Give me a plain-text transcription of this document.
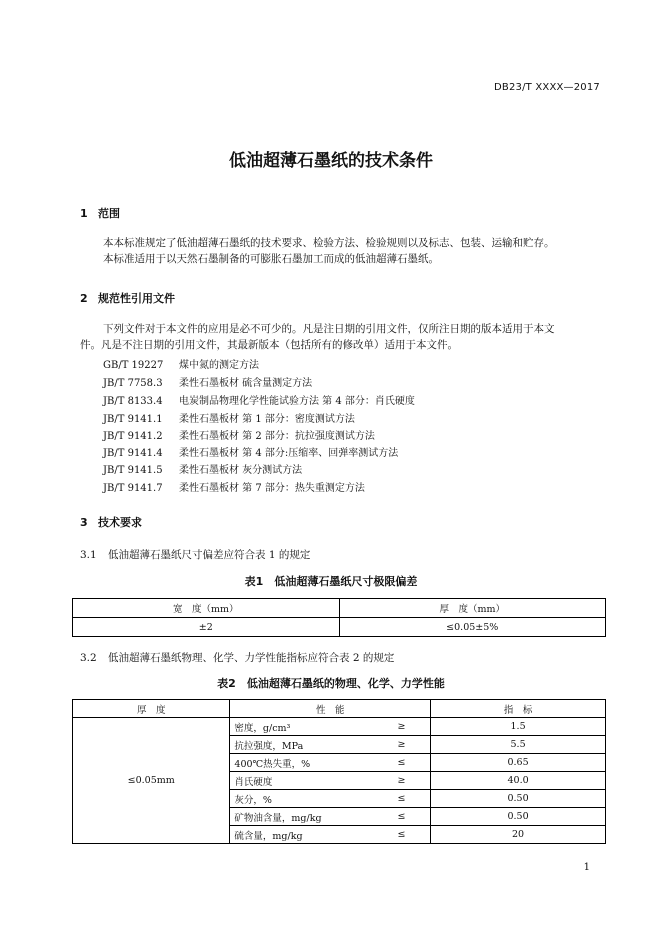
DB23/T XXXX—2017
低油超薄石墨纸的技术条件
1 范围
本本标准规定了低油超薄石墨纸的技术要求、检验方法、检验规则以及标志、包装、运输和贮存。
本标准适用于以天然石墨制备的可膨胀石墨加工而成的低油超薄石墨纸。
2 规范性引用文件
下列文件对于本文件的应用是必不可少的。凡是注日期的引用文件，仅所注日期的版本适用于本文
件。凡是不注日期的引用文件，其最新版本（包括所有的修改单）适用于本文件。
GB/T 19227 煤中氮的测定方法
JB/T 7758.3 柔性石墨板材 硫含量测定方法
JB/T 8133.4 电炭制品物理化学性能试验方法 第 4 部分：肖氏硬度
JB/T 9141.1 柔性石墨板材 第 1 部分：密度测试方法
JB/T 9141.2 柔性石墨板材 第 2 部分：抗拉强度测试方法
JB/T 9141.4 柔性石墨板材 第 4 部分:压缩率、回弹率测试方法
JB/T 9141.5 柔性石墨板材 灰分测试方法
JB/T 9141.7 柔性石墨板材 第 7 部分：热失重测定方法
3 技术要求
3.1 低油超薄石墨纸尺寸偏差应符合表 1 的规定
表1　低油超薄石墨纸尺寸极限偏差
宽　度（mm）	厚　度（mm）
±2	≤0.05±5%
3.2 低油超薄石墨纸物理、化学、力学性能指标应符合表 2 的规定
表2　低油超薄石墨纸的物理、化学、力学性能
厚　度	性　能		指　标
≤0.05mm	密度，g/cm³	≥	1.5
	抗拉强度，MPa	≥	5.5
	400℃热失重，%	≤	0.65
	肖氏硬度	≥	40.0
	灰分，%	≤	0.50
	矿物油含量，mg/kg	≤	0.50
	硫含量，mg/kg	≤	20
1
